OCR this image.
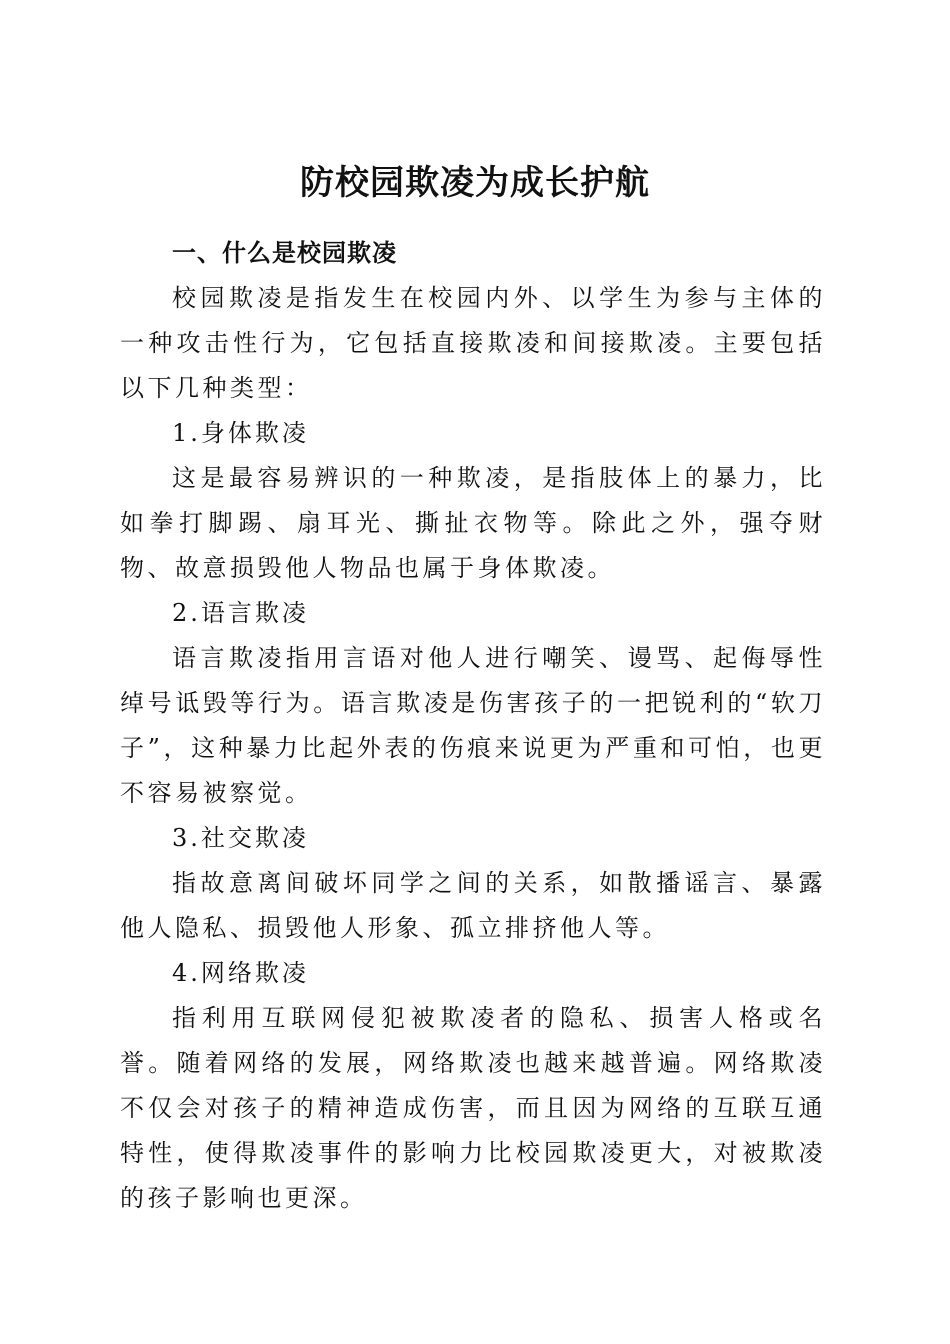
防校园欺凌为成长护航
一、什么是校园欺凌

校园欺凌是指发生在校园内外、以学生为参与主体的一种攻击性行为，它包括直接欺凌和间接欺凌。主要包括以下几种类型：

1.身体欺凌

这是最容易辨识的一种欺凌，是指肢体上的暴力，比如拳打脚踢、扇耳光、撕扯衣物等。除此之外，强夺财物、故意损毁他人物品也属于身体欺凌。

2.语言欺凌

语言欺凌指用言语对他人进行嘲笑、谩骂、起侮辱性绰号诋毁等行为。语言欺凌是伤害孩子的一把锐利的“软刀子”，这种暴力比起外表的伤痕来说更为严重和可怕，也更不容易被察觉。

3.社交欺凌

指故意离间破坏同学之间的关系，如散播谣言、暴露他人隐私、损毁他人形象、孤立排挤他人等。

4.网络欺凌

指利用互联网侵犯被欺凌者的隐私、损害人格或名誉。随着网络的发展，网络欺凌也越来越普遍。网络欺凌不仅会对孩子的精神造成伤害，而且因为网络的互联互通特性，使得欺凌事件的影响力比校园欺凌更大，对被欺凌的孩子影响也更深。
